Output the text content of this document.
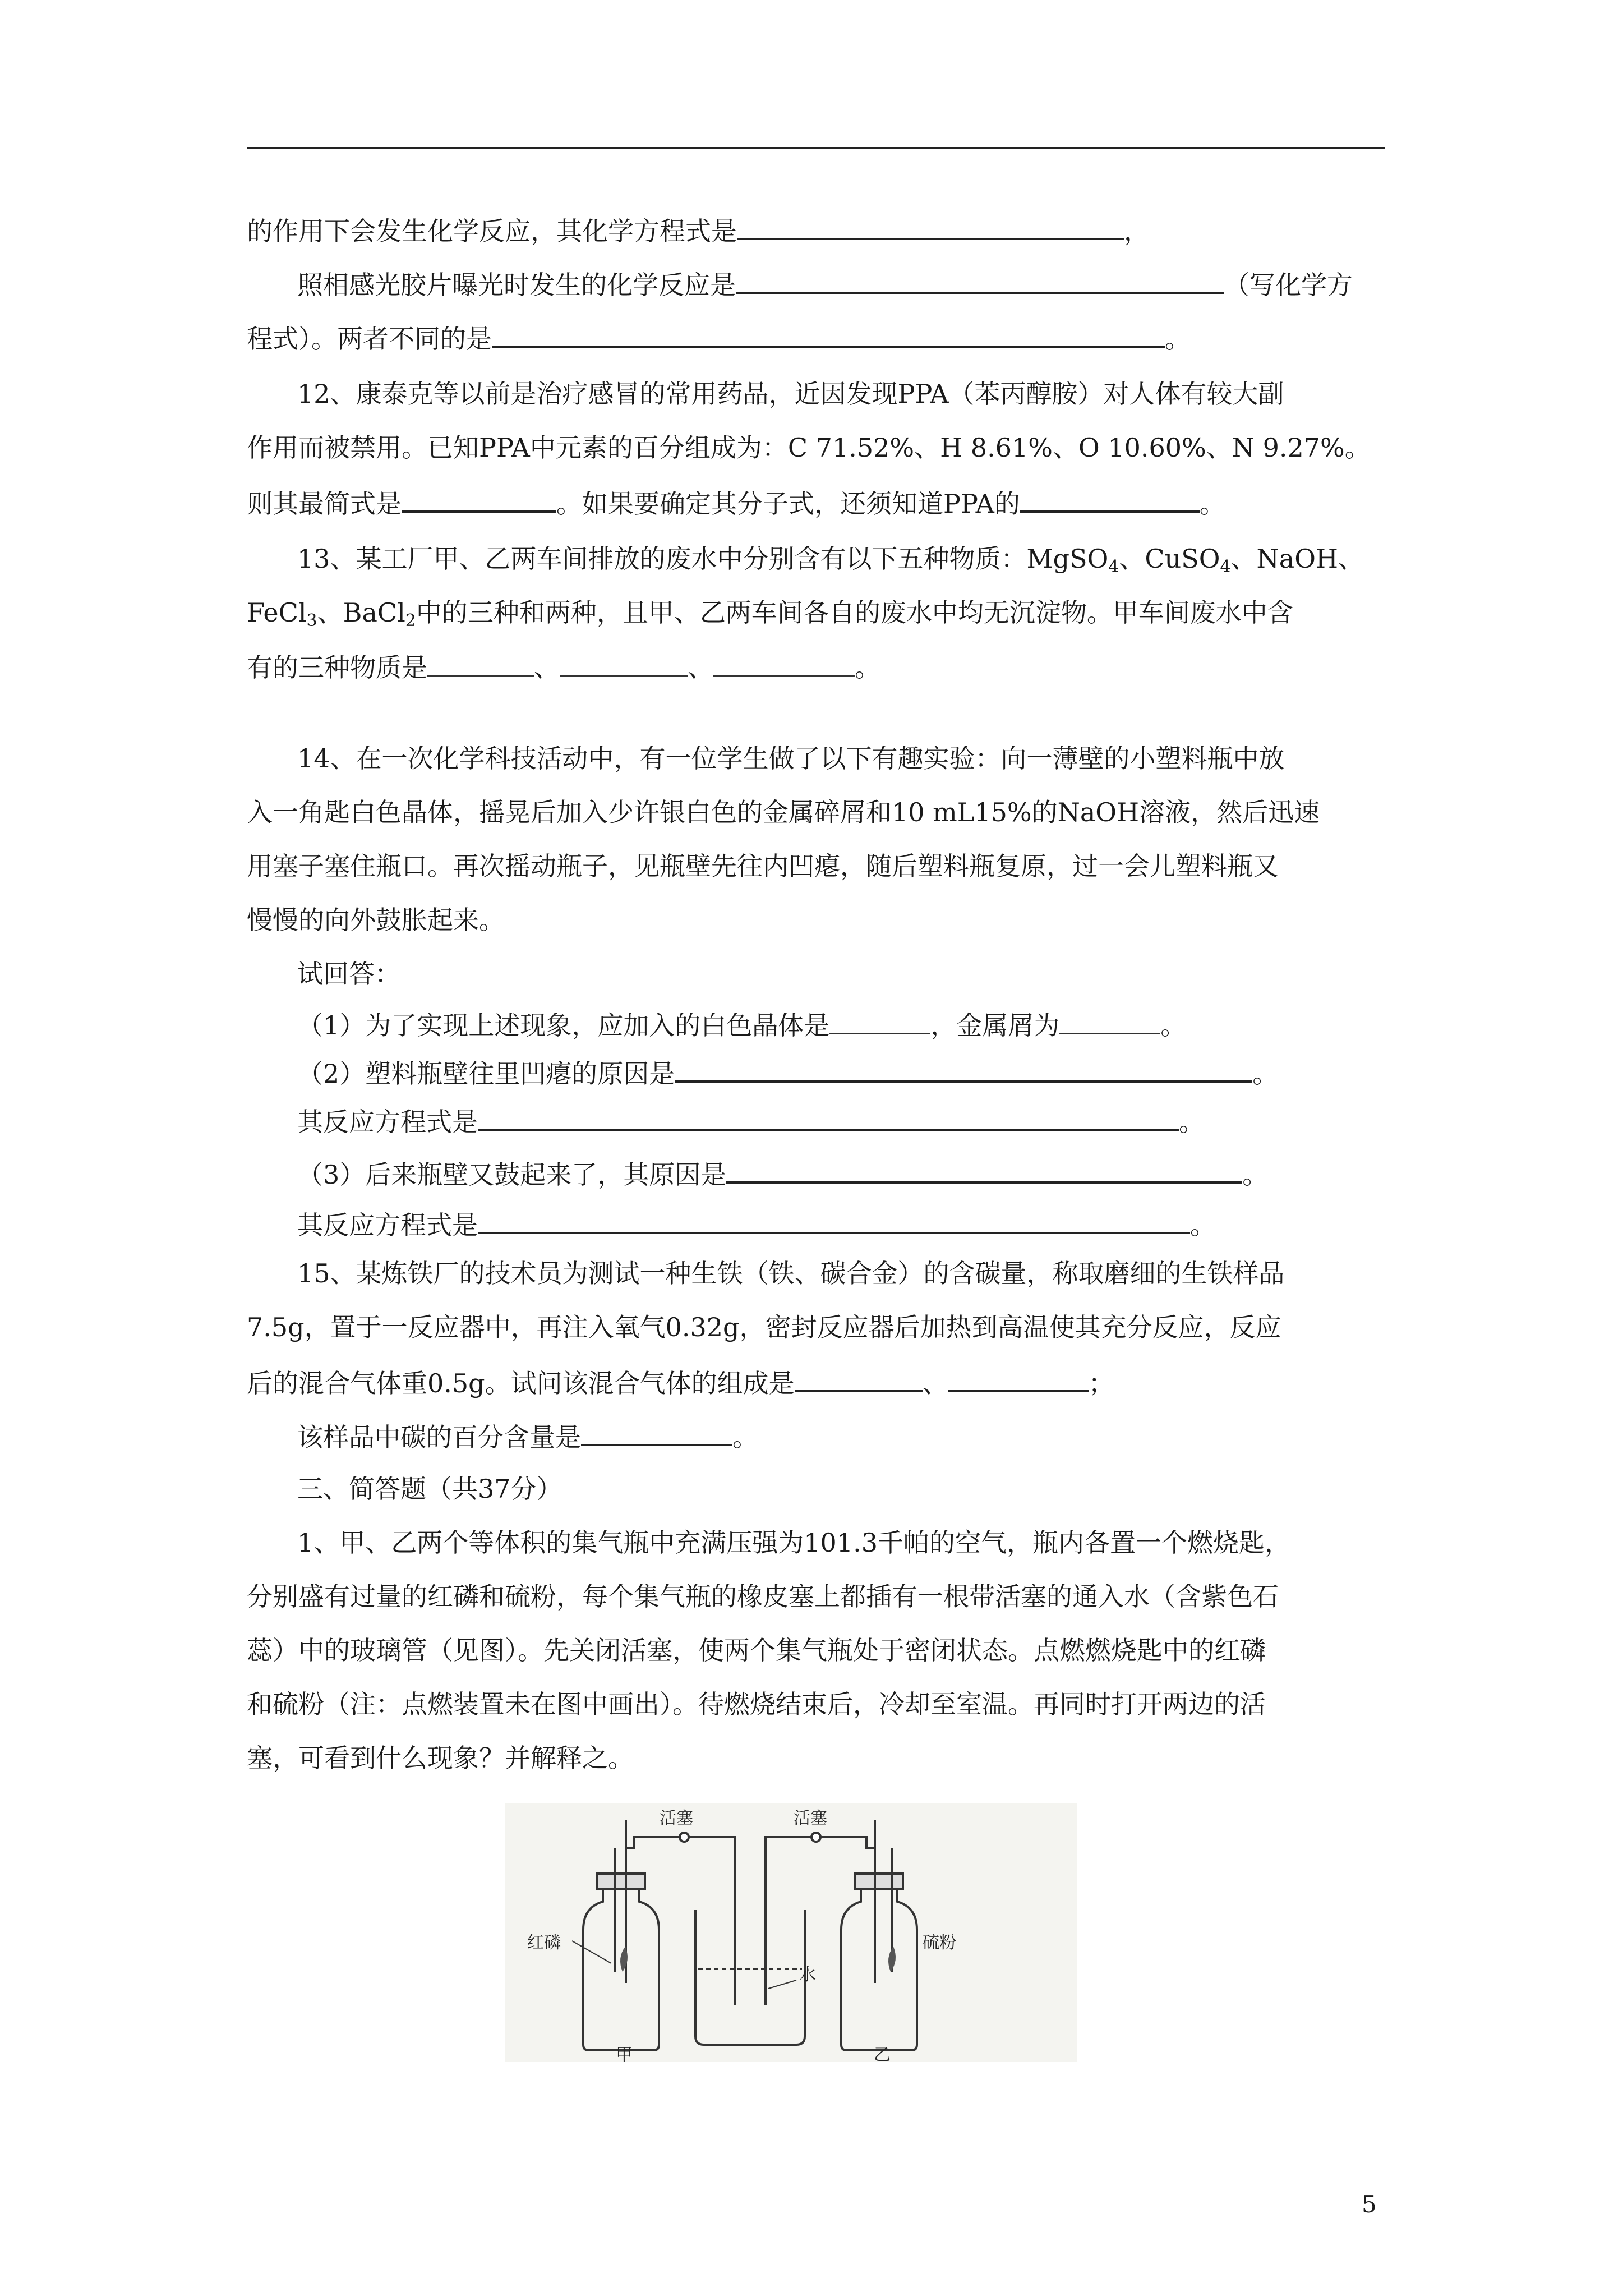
的作用下会发生化学反应，其化学方程式是	，
照相感光胶片曝光时发生的化学反应是	（写化学方
程式）。两者不同的是	。
12、康泰克等以前是治疗感冒的常用药品，近因发现PPA（苯丙醇胺）对人体有较大副
作用而被禁用。已知PPA中元素的百分组成为：C 71.52%、H 8.61%、O 10.60%、N 9.27%。
则其最简式是	。如果要确定其分子式，还须知道PPA的	。
13、某工厂甲、乙两车间排放的废水中分别含有以下五种物质：MgSO$_4$、CuSO$_4$、NaOH、
FeCl$_3$、BaCl$_2$中的三种和两种，且甲、乙两车间各自的废水中均无沉淀物。甲车间废水中含
有的三种物质是	、	、	。
14、在一次化学科技活动中，有一位学生做了以下有趣实验：向一薄壁的小塑料瓶中放
入一角匙白色晶体，摇晃后加入少许银白色的金属碎屑和10 mL15%的NaOH溶液，然后迅速
用塞子塞住瓶口。再次摇动瓶子，见瓶壁先往内凹瘪，随后塑料瓶复原，过一会儿塑料瓶又
慢慢的向外鼓胀起来。
试回答：
（1）为了实现上述现象，应加入的白色晶体是	，金属屑为	。
（2）塑料瓶壁往里凹瘪的原因是	。
其反应方程式是	。
（3）后来瓶壁又鼓起来了，其原因是	。
其反应方程式是	。
15、某炼铁厂的技术员为测试一种生铁（铁、碳合金）的含碳量，称取磨细的生铁样品
7.5g，置于一反应器中，再注入氧气0.32g，密封反应器后加热到高温使其充分反应，反应
后的混合气体重0.5g。试问该混合气体的组成是	、	；
该样品中碳的百分含量是	。
三、简答题（共37分）
1、甲、乙两个等体积的集气瓶中充满压强为101.3千帕的空气，瓶内各置一个燃烧匙，
分别盛有过量的红磷和硫粉，每个集气瓶的橡皮塞上都插有一根带活塞的通入水（含紫色石
蕊）中的玻璃管（见图）。先关闭活塞，使两个集气瓶处于密闭状态。点燃燃烧匙中的红磷
和硫粉（注：点燃装置未在图中画出）。待燃烧结束后，冷却至室温。再同时打开两边的活
塞，可看到什么现象？并解释之。
活塞	活塞
红磷
水
硫粉
甲	乙
5
